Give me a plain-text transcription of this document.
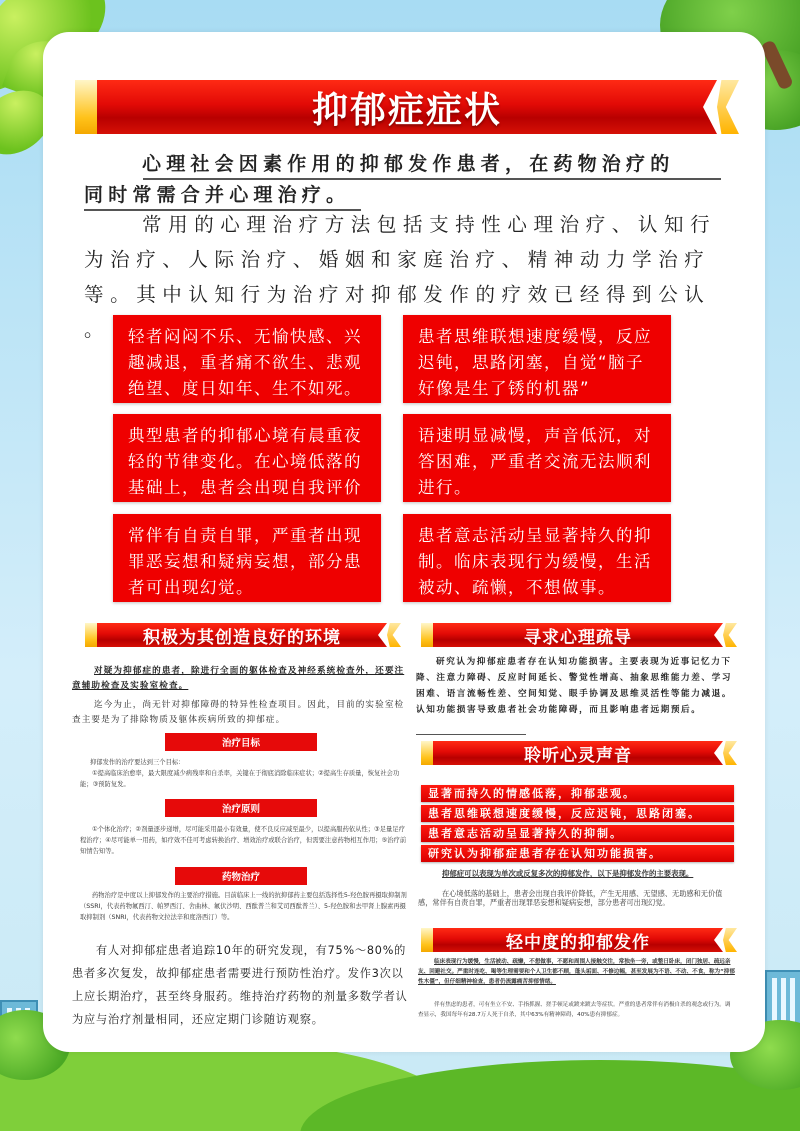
抑郁症症状
心理社会因素作用的抑郁发作患者，在药物治疗的
同时常需合并心理治疗。
常用的心理治疗方法包括支持性心理治疗、认知行
为治疗、人际治疗、婚姻和家庭治疗、精神动力学治疗
等。其中认知行为治疗对抑郁发作的疗效已经得到公认
。	轻者闷闷不乐、无愉快感、兴趣减退，重者痛不欲生、悲观绝望、度日如年、生不如死。
患者思维联想速度缓慢，反应迟钝，思路闭塞，自觉“脑子好像是生了锈的机器”
典型患者的抑郁心境有晨重夜轻的节律变化。在心境低落的基础上，患者会出现自我评价
语速明显减慢，声音低沉，对答困难，严重者交流无法顺利进行。
常伴有自责自罪，严重者出现罪恶妄想和疑病妄想，部分患者可出现幻觉。
患者意志活动呈显著持久的抑制。临床表现行为缓慢，生活被动、疏懒，不想做事。
积极为其创造良好的环境
对疑为抑郁症的患者，除进行全面的躯体检查及神经系统检查外，还要注意辅助检查及实验室检查。
迄今为止，尚无针对抑郁障碍的特异性检查项目。因此，目前的实验室检查主要是为了排除物质及躯体疾病所致的抑郁症。
治疗目标
抑郁发作的治疗要达到三个目标：
①提高临床治愈率，最大限度减少病残率和自杀率，关键在于彻底消除临床症状；②提高生存质量，恢复社会功能；③预防复发。
治疗原则
①个体化治疗；②剂量逐步递增，尽可能采用最小有效量，使不良反应减至最少，以提高服药依从性；③足量足疗程治疗；④尽可能单一用药，如疗效不佳可考虑转换治疗、增效治疗或联合治疗，但需要注意药物相互作用；⑤治疗前知情告知等。
药物治疗
药物治疗是中度以上抑郁发作的主要治疗措施。目前临床上一线的抗抑郁药主要包括选择性5-羟色胺再摄取抑制剂（SSRI，代表药物氟西汀、帕罗西汀、舍曲林、氟伏沙明、西酞普兰和艾司西酞普兰）、5-羟色胺和去甲肾上腺素再摄取抑制剂（SNRI，代表药物文拉法辛和度洛西汀）等。
有人对抑郁症患者追踪10年的研究发现，有75%～80%的患者多次复发，故抑郁症患者需要进行预防性治疗。发作3次以上应长期治疗，甚至终身服药。维持治疗药物的剂量多数学者认为应与治疗剂量相同，还应定期门诊随访观察。
寻求心理疏导
研究认为抑郁症患者存在认知功能损害。主要表现为近事记忆力下降、注意力障碍、反应时间延长、警觉性增高、抽象思维能力差、学习困难、语言流畅性差、空间知觉、眼手协调及思维灵活性等能力减退。认知功能损害导致患者社会功能障碍，而且影响患者远期预后。
聆听心灵声音
显著而持久的情感低落，抑郁悲观。
患者思维联想速度缓慢，反应迟钝，思路闭塞。
患者意志活动呈显著持久的抑制。
研究认为抑郁症患者存在认知功能损害。
抑郁症可以表现为单次或反复多次的抑郁发作，以下是抑郁发作的主要表现。
在心境低落的基础上，患者会出现自我评价降低，产生无用感、无望感、无助感和无价值感，常伴有自责自罪，严重者出现罪恶妄想和疑病妄想，部分患者可出现幻觉。
轻中度的抑郁发作
临床表现行为缓慢，生活被动、疏懒，不想做事，不愿和周围人接触交往，常独坐一旁，或整日卧床，闭门独居、疏远亲友、回避社交。严重时连吃、喝等生理需要和个人卫生都不顾，蓬头垢面、不修边幅，甚至发展为不语、不动、不食，称为“抑郁性木僵”，但仔细精神检查，患者仍流露痛苦抑郁情绪。
伴有焦虑的患者，可有坐立不安、手指抓握、搓手顿足或踱来踱去等症状。严重的患者常伴有消极自杀的观念或行为。调查显示，我国每年有28.7万人死于自杀，其中63%有精神障碍，40%患有抑郁症。
